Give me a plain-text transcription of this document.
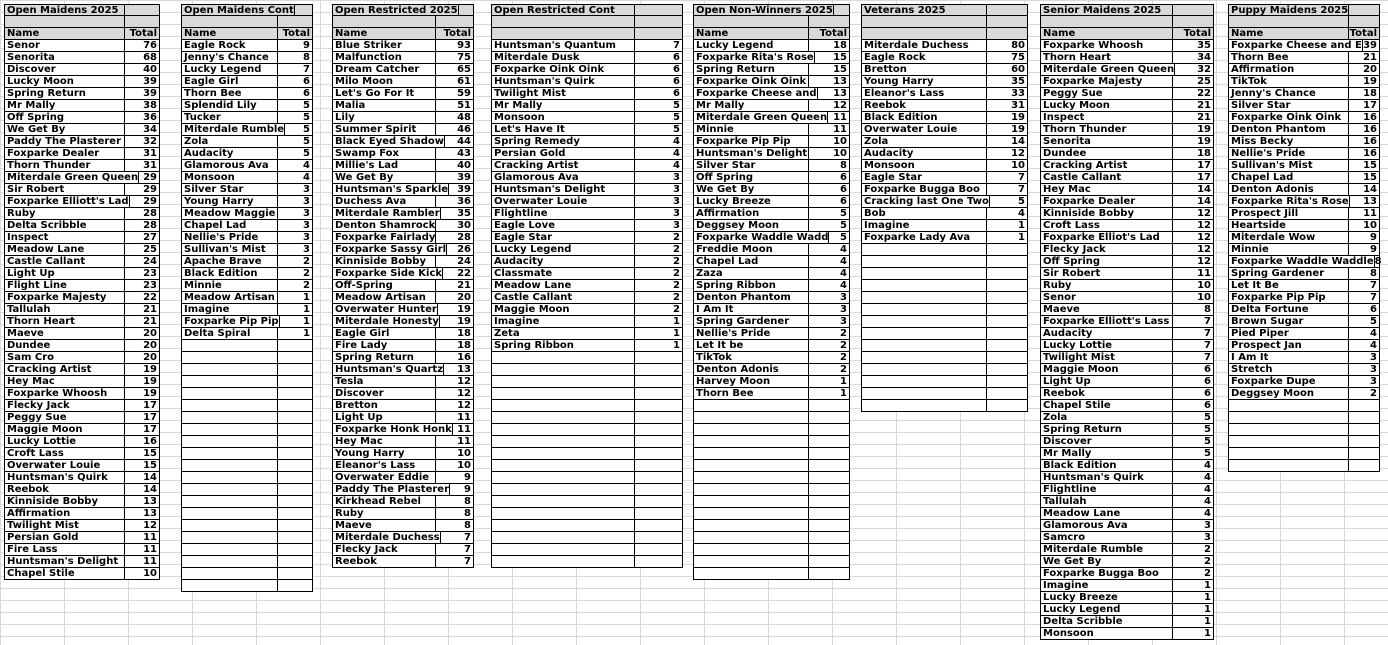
Open Maidens 2025
Name	Total
Senor	76
Senorita	68
Discover	40
Lucky Moon	39
Spring Return	39
Mr Mally	38
Off Spring	36
We Get By	34
Paddy The Plasterer	32
Foxparke Dealer	31
Thorn Thunder	31
Miterdale Green Queen 29
Sir Robert	29
Foxparke Elliott's Lad	29
Ruby	28
Delta Scribble	28
Inspect	27
Meadow Lane	25
Castle Callant	24
Light Up	23
Flight Line	23
Foxparke Majesty	22
Tallulah	21
Thorn Heart	21
Maeve	20
Dundee	20
Sam Cro	20
Cracking Artist	19
Hey Mac	19
Foxparke Whoosh	19
Flecky Jack	17
Peggy Sue	17
Maggie Moon	17
Lucky Lottie	16
Croft Lass	15
Overwater Louie	15
Huntsman's Quirk	14
Reebok	14
Kinniside Bobby	13
Affirmation	13
Twilight Mist	12
Persian Gold	11
Fire Lass	11
Huntsman's Delight	11
Chapel Stile	10
Open Maidens Cont
Name	Total
Eagle Rock	9
Jenny's Chance	8
Lucky Legend	7
Eagle Girl	6
Thorn Bee	6
Splendid Lily	5
Tucker	5
Miterdale Rumble	5
Zola	5
Audacity	5
Glamorous Ava	4
Monsoon	4
Silver Star	3
Young Harry	3
Meadow Maggie	3
Chapel Lad	3
Nellie's Pride	3
Sullivan's Mist	3
Apache Brave	2
Black Edition	2
Minnie	2
Meadow Artisan	1
Imagine	1
Foxparke Pip Pip	1
Delta Spiral	1
Open Restricted 2025
Name	Total
Blue Striker	93
Malfunction	75
Dream Catcher	65
Milo Moon	61
Let's Go For It	59
Malia	51
Lily	48
Summer Spirit	46
Black Eyed Shadow	44
Swamp Fox	43
Millie's Lad	40
We Get By	39
Huntsman's Sparkle 39
Duchess Ava	36
Miterdale Rambler	35
Denton Shamrock	30
Foxparke Fairlady	28
Foxparke Sassy Girl	26
Kinniside Bobby	24
Foxparke Side Kick	22
Off-Spring	21
Meadow Artisan	20
Overwater Hunter	19
Miterdale Honesty	19
Eagle Girl	18
Fire Lady	18
Spring Return	16
Huntsman's Quartz	13
Tesla	12
Discover	12
Bretton	12
Light Up	11
Foxparke Honk Honk 11
Hey Mac	11
Young Harry	10
Eleanor's Lass	10
Overwater Eddie	9
Paddy The Plasterer	9
Kirkhead Rebel	8
Ruby	8
Maeve	8
Miterdale Duchess	7
Flecky Jack	7
Reebok	7
Open Restricted Cont
Huntsman's Quantum	7
Miterdale Dusk	6
Foxparke Oink Oink	6
Huntsman's Quirk	6
Twilight Mist	6
Mr Mally	5
Monsoon	5
Let's Have It	5
Spring Remedy	4
Persian Gold	4
Cracking Artist	4
Glamorous Ava	3
Huntsman's Delight	3
Overwater Louie	3
Flightline	3
Eagle Love	3
Eagle Star	2
Lucky Legend	2
Audacity	2
Classmate	2
Meadow Lane	2
Castle Callant	2
Maggie Moon	2
Imagine	1
Zeta	1
Spring Ribbon	1
Open Non-Winners 2025
Name	Total
Lucky Legend	18
Foxparke Rita's Rose	15
Spring Return	15
Foxparke Oink Oink	13
Foxparke Cheese and	13
Mr Mally	12
Miterdale Green Queen 11
Minnie	11
Foxparke Pip Pip	10
Huntsman's Delight	10
Silver Star	8
Off Spring	6
We Get By	6
Lucky Breeze	6
Affirmation	5
Deggsey Moon	5
Foxparke Waddle Wadd	5
Freddie Moon	4
Chapel Lad	4
Zaza	4
Spring Ribbon	4
Denton Phantom	3
I Am It	3
Spring Gardener	3
Nellie's Pride	2
Let It be	2
TikTok	2
Denton Adonis	2
Harvey Moon	1
Thorn Bee	1
Veterans 2025
Miterdale Duchess	80
Eagle Rock	75
Bretton	60
Young Harry	35
Eleanor's Lass	33
Reebok	31
Black Edition	19
Overwater Louie	19
Zola	14
Audacity	12
Monsoon	10
Eagle Star	7
Foxparke Bugga Boo	7
Cracking last One Two	5
Bob	4
Imagine	1
Foxparke Lady Ava	1
Senior Maidens 2025
Name	Total
Foxparke Whoosh	35
Thorn Heart	34
Miterdale Green Queen	32
Foxparke Majesty	25
Peggy Sue	22
Lucky Moon	21
Inspect	21
Thorn Thunder	19
Senorita	19
Dundee	18
Cracking Artist	17
Castle Callant	17
Hey Mac	14
Foxparke Dealer	14
Kinniside Bobby	12
Croft Lass	12
Foxparke Elliot's Lad	12
Flecky Jack	12
Off Spring	12
Sir Robert	11
Ruby	10
Senor	10
Maeve	8
Foxparke Elliott's Lass	7
Audacity	7
Lucky Lottie	7
Twilight Mist	7
Maggie Moon	6
Light Up	6
Reebok	6
Chapel Stile	6
Zola	5
Spring Return	5
Discover	5
Mr Mally	5
Black Edition	4
Huntsman's Quirk	4
Flightline	4
Tallulah	4
Meadow Lane	4
Glamorous Ava	3
Samcro	3
Miterdale Rumble	2
We Get By	2
Foxparke Bugga Boo	2
Imagine	1
Lucky Breeze	1
Lucky Legend	1
Delta Scribble	1
Monsoon	1
Puppy Maidens 2025
Name	Total
Foxparke Cheese and E 39
Thorn Bee	21
Affirmation	20
TikTok	19
Jenny's Chance	18
Silver Star	17
Foxparke Oink Oink	16
Denton Phantom	16
Miss Becky	16
Nellie's Pride	16
Sullivan's Mist	15
Chapel Lad	15
Denton Adonis	14
Foxparke Rita's Rose	13
Prospect Jill	11
Heartside	10
Miterdale Wow	9
Minnie	9
Foxparke Waddle Waddle 8
Spring Gardener	8
Let It Be	7
Foxparke Pip Pip	7
Delta Fortune	6
Brown Sugar	5
Pied Piper	4
Prospect Jan	4
I Am It	3
Stretch	3
Foxparke Dupe	3
Deggsey Moon	2
